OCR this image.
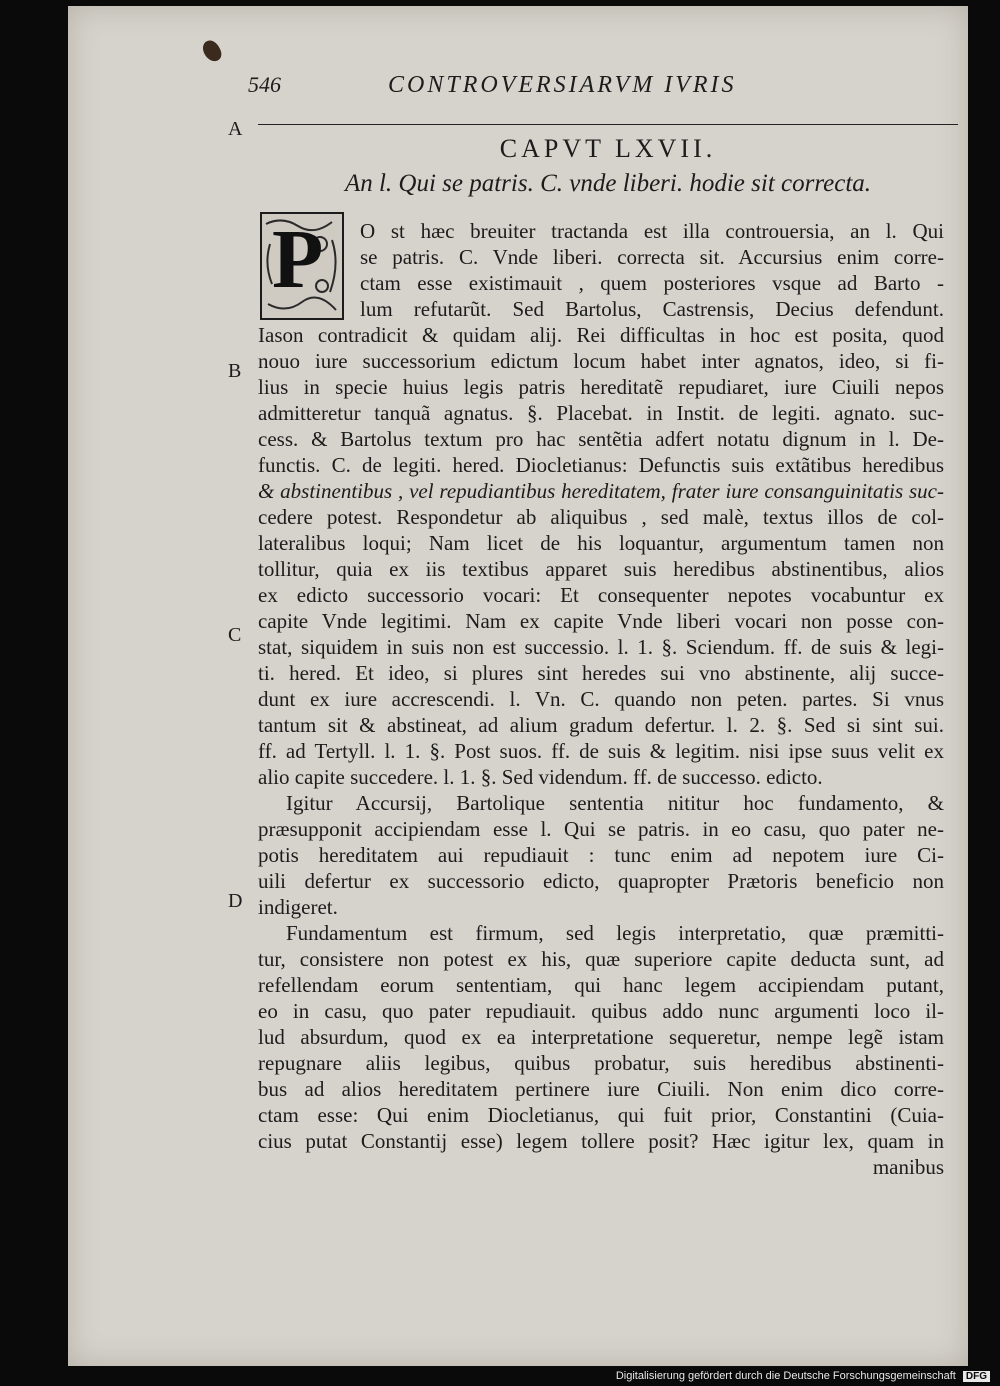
546	CONTROVERSIARVM IVRIS
A
B
C
D
CAPVT LXVII.
An l. Qui se patris. C. vnde liberi. hodie sit correcta.
P O st hæc breuiter tractanda est illa controuersia, an l. Qui
se patris. C. Vnde liberi. correcta sit. Accursius enim corre-
ctam esse existimauit , quem posteriores vsque ad Barto -
lum refutarũt. Sed Bartolus, Castrensis, Decius defendunt.
Iason contradicit & quidam alij. Rei difficultas in hoc est posita, quod
nouo iure successorium edictum locum habet inter agnatos, ideo, si fi-
lius in specie huius legis patris hereditatẽ repudiaret, iure Ciuili nepos
admitteretur tanquã agnatus. §. Placebat. in Instit. de legiti. agnato. suc-
cess. & Bartolus textum pro hac sentẽtia adfert notatu dignum in l. De-
functis. C. de legiti. hered. Diocletianus: Defunctis suis extãtibus heredibus
& abstinentibus , vel repudiantibus hereditatem, frater iure consanguinitatis suc-
cedere potest. Respondetur ab aliquibus , sed malè, textus illos de col-
lateralibus loqui; Nam licet de his loquantur, argumentum tamen non
tollitur, quia ex iis textibus apparet suis heredibus abstinentibus, alios
ex edicto successorio vocari: Et consequenter nepotes vocabuntur ex
capite Vnde legitimi. Nam ex capite Vnde liberi vocari non posse con-
stat, siquidem in suis non est successio. l. 1. §. Sciendum. ff. de suis & legi-
ti. hered. Et ideo, si plures sint heredes sui vno abstinente, alij succe-
dunt ex iure accrescendi. l. Vn. C. quando non peten. partes. Si vnus
tantum sit & abstineat, ad alium gradum defertur. l. 2. §. Sed si sint sui.
ff. ad Tertyll. l. 1. §. Post suos. ff. de suis & legitim. nisi ipse suus velit ex
alio capite succedere. l. 1. §. Sed videndum. ff. de successo. edicto.
Igitur Accursij, Bartolique sententia nititur hoc fundamento, &
præsupponit accipiendam esse l. Qui se patris. in eo casu, quo pater ne-
potis hereditatem aui repudiauit : tunc enim ad nepotem iure Ci-
uili defertur ex successorio edicto, quapropter Prætoris beneficio non
indigeret.
Fundamentum est firmum, sed legis interpretatio, quæ præmitti-
tur, consistere non potest ex his, quæ superiore capite deducta sunt, ad
refellendam eorum sententiam, qui hanc legem accipiendam putant,
eo in casu, quo pater repudiauit. quibus addo nunc argumenti loco il-
lud absurdum, quod ex ea interpretatione sequeretur, nempe legẽ istam
repugnare aliis legibus, quibus probatur, suis heredibus abstinenti-
bus ad alios hereditatem pertinere iure Ciuili. Non enim dico corre-
ctam esse: Qui enim Diocletianus, qui fuit prior, Constantini (Cuia-
cius putat Constantij esse) legem tollere posit? Hæc igitur lex, quam in
manibus
Digitalisierung gefördert durch die Deutsche Forschungsgemeinschaft DFG
